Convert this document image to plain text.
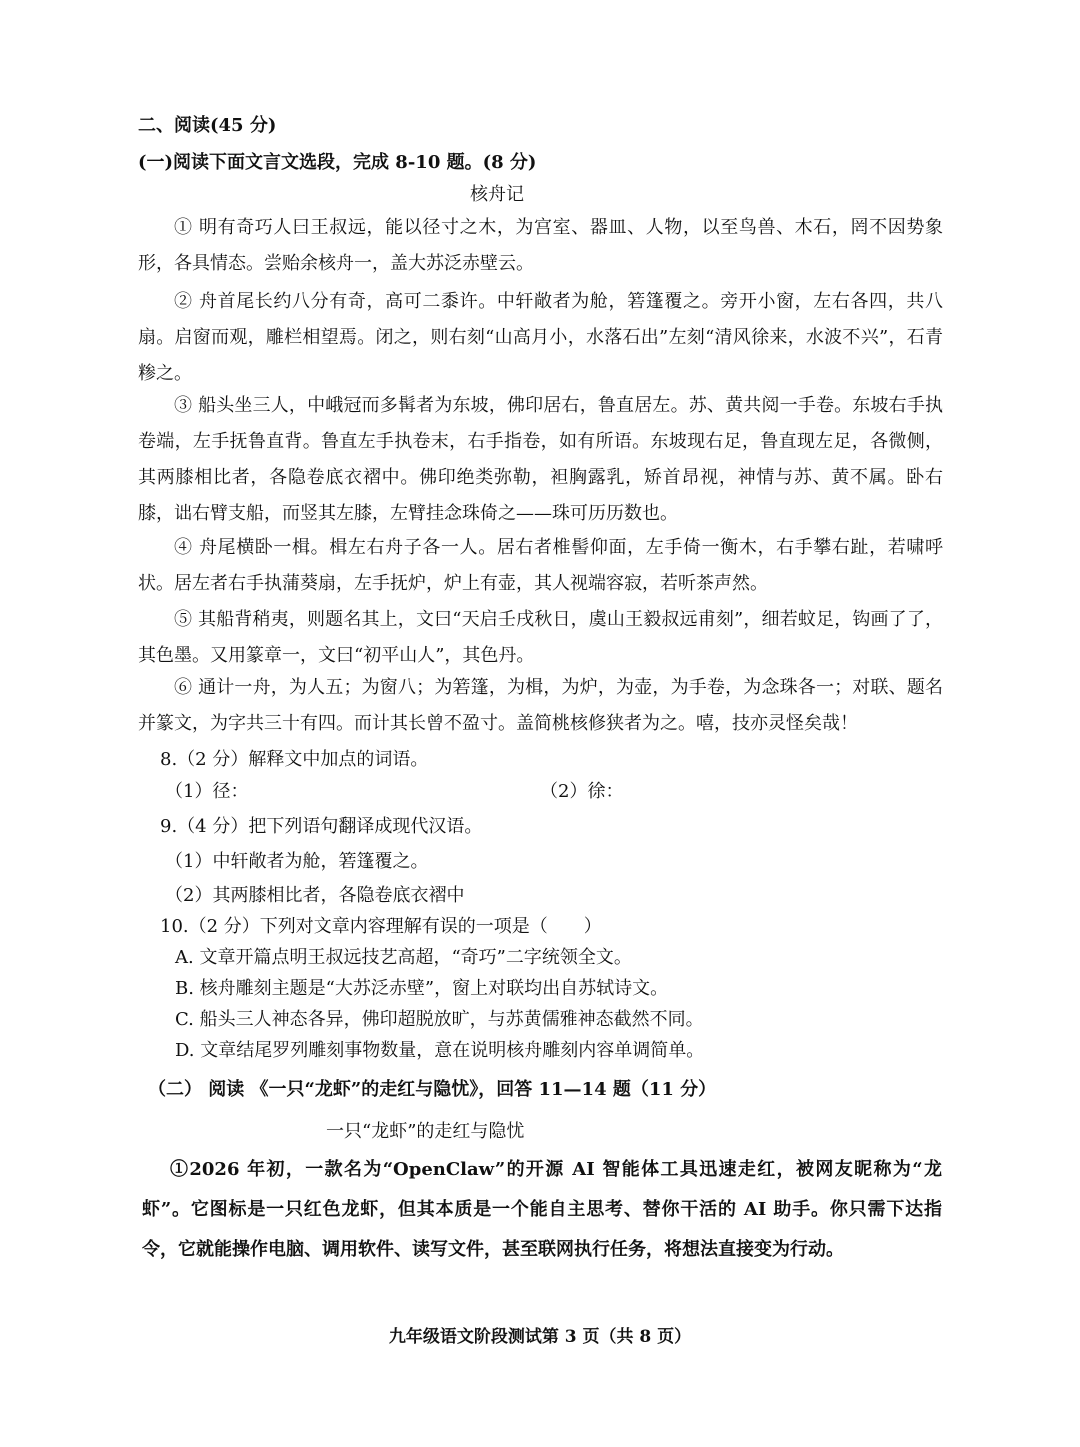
二、阅读(45 分)
(一)阅读下面文言文选段，完成 8-10 题。(8 分)
核舟记
① 明有奇巧人曰王叔远，能以径寸之木，为宫室、器皿、人物，以至鸟兽、木石，罔不因势象形，各具情态。尝贻余核舟一，盖大苏泛赤壁云。
② 舟首尾长约八分有奇，高可二黍许。中轩敞者为舱，箬篷覆之。旁开小窗，左右各四，共八扇。启窗而观，雕栏相望焉。闭之，则右刻“山高月小，水落石出”左刻“清风徐来，水波不兴”，石青糁之。
③ 船头坐三人，中峨冠而多髯者为东坡，佛印居右，鲁直居左。苏、黄共阅一手卷。东坡右手执卷端，左手抚鲁直背。鲁直左手执卷末，右手指卷，如有所语。东坡现右足，鲁直现左足，各微侧，其两膝相比者，各隐卷底衣褶中。佛印绝类弥勒，袒胸露乳，矫首昂视，神情与苏、黄不属。卧右膝，诎右臂支船，而竖其左膝，左臂挂念珠倚之——珠可历历数也。
④ 舟尾横卧一楫。楫左右舟子各一人。居右者椎髻仰面，左手倚一衡木，右手攀右趾，若啸呼状。居左者右手执蒲葵扇，左手抚炉，炉上有壶，其人视端容寂，若听茶声然。
⑤ 其船背稍夷，则题名其上，文曰“天启壬戌秋日，虞山王毅叔远甫刻”，细若蚊足，钩画了了，其色墨。又用篆章一，文曰“初平山人”，其色丹。
⑥ 通计一舟，为人五；为窗八；为箬篷，为楫，为炉，为壶，为手卷，为念珠各一；对联、题名并篆文，为字共三十有四。而计其长曾不盈寸。盖简桃核修狭者为之。嘻，技亦灵怪矣哉！
8.（2 分）解释文中加点的词语。
（1）径：	（2）徐：
9.（4 分）把下列语句翻译成现代汉语。
（1）中轩敞者为舱，箬篷覆之。
（2）其两膝相比者，各隐卷底衣褶中
10.（2 分）下列对文章内容理解有误的一项是（　　）
A. 文章开篇点明王叔远技艺高超，“奇巧”二字统领全文。
B. 核舟雕刻主题是“大苏泛赤壁”，窗上对联均出自苏轼诗文。
C. 船头三人神态各异，佛印超脱放旷，与苏黄儒雅神态截然不同。
D. 文章结尾罗列雕刻事物数量，意在说明核舟雕刻内容单调简单。
（二） 阅读 《一只“龙虾”的走红与隐忧》，回答 11—14 题（11 分）
一只“龙虾”的走红与隐忧
①2026 年初，一款名为“OpenClaw”的开源 AI 智能体工具迅速走红，被网友昵称为“龙虾”。它图标是一只红色龙虾，但其本质是一个能自主思考、替你干活的 AI 助手。你只需下达指令，它就能操作电脑、调用软件、读写文件，甚至联网执行任务，将想法直接变为行动。
九年级语文阶段测试第 3 页（共 8 页）
